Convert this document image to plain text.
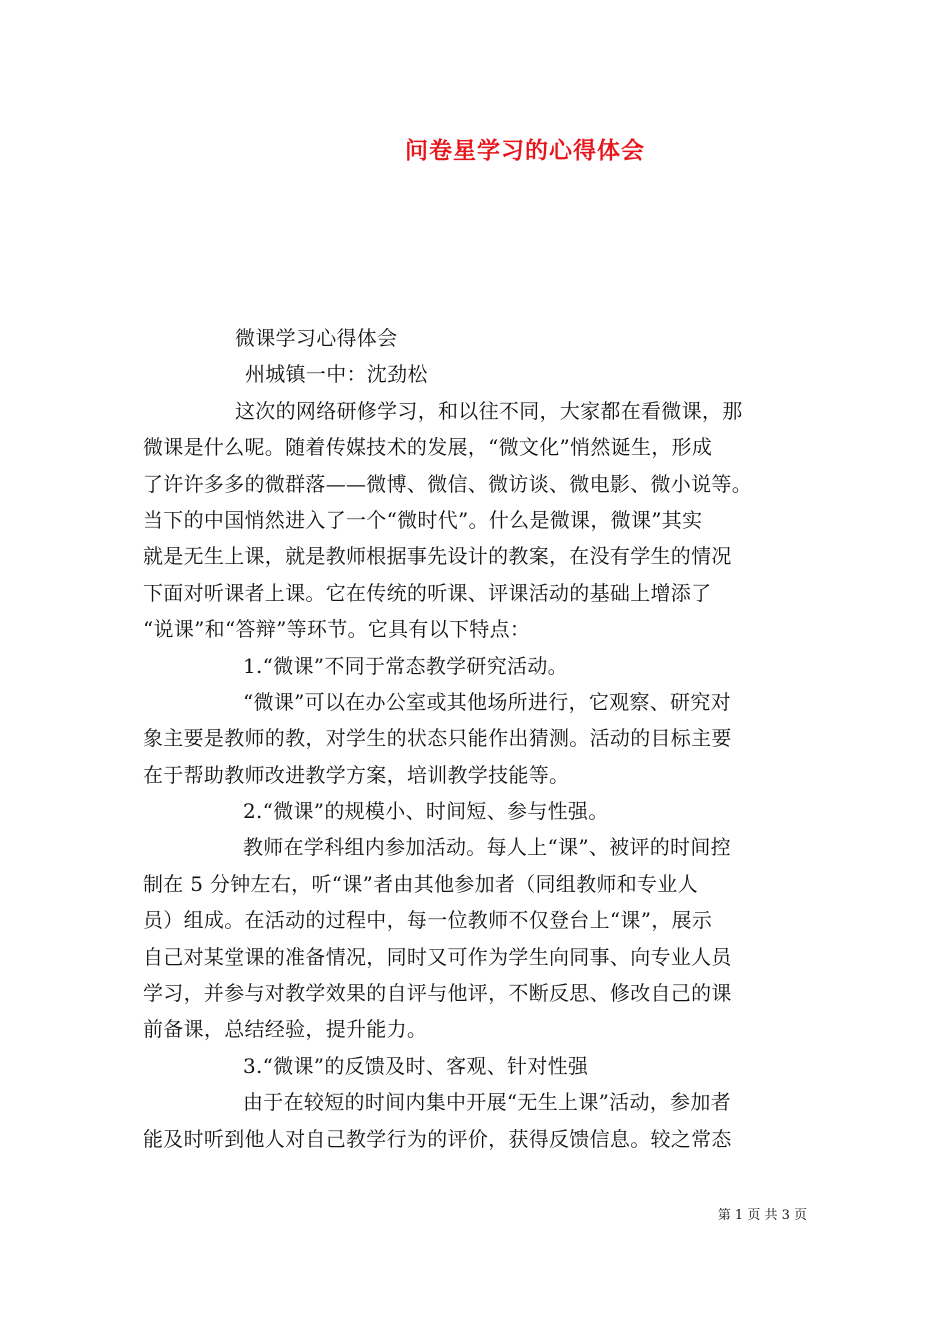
问卷星学习的心得体会
微课学习心得体会
州城镇一中：沈劲松
这次的网络研修学习，和以往不同，大家都在看微课，那
微课是什么呢。随着传媒技术的发展，“微文化”悄然诞生，形成
了许许多多的微群落——微博、微信、微访谈、微电影、微小说等。
当下的中国悄然进入了一个“微时代”。什么是微课，微课”其实
就是无生上课，就是教师根据事先设计的教案，在没有学生的情况
下面对听课者上课。它在传统的听课、评课活动的基础上增添了
“说课”和“答辩”等环节。它具有以下特点：
1.“微课”不同于常态教学研究活动。
“微课”可以在办公室或其他场所进行，它观察、研究对
象主要是教师的教，对学生的状态只能作出猜测。活动的目标主要
在于帮助教师改进教学方案，培训教学技能等。
2.“微课”的规模小、时间短、参与性强。
教师在学科组内参加活动。每人上“课”、被评的时间控
制在 5 分钟左右，听“课”者由其他参加者（同组教师和专业人
员）组成。在活动的过程中，每一位教师不仅登台上“课”，展示
自己对某堂课的准备情况，同时又可作为学生向同事、向专业人员
学习，并参与对教学效果的自评与他评，不断反思、修改自己的课
前备课，总结经验，提升能力。
3.“微课”的反馈及时、客观、针对性强
由于在较短的时间内集中开展“无生上课”活动，参加者
能及时听到他人对自己教学行为的评价，获得反馈信息。较之常态
第 1 页 共 3 页
